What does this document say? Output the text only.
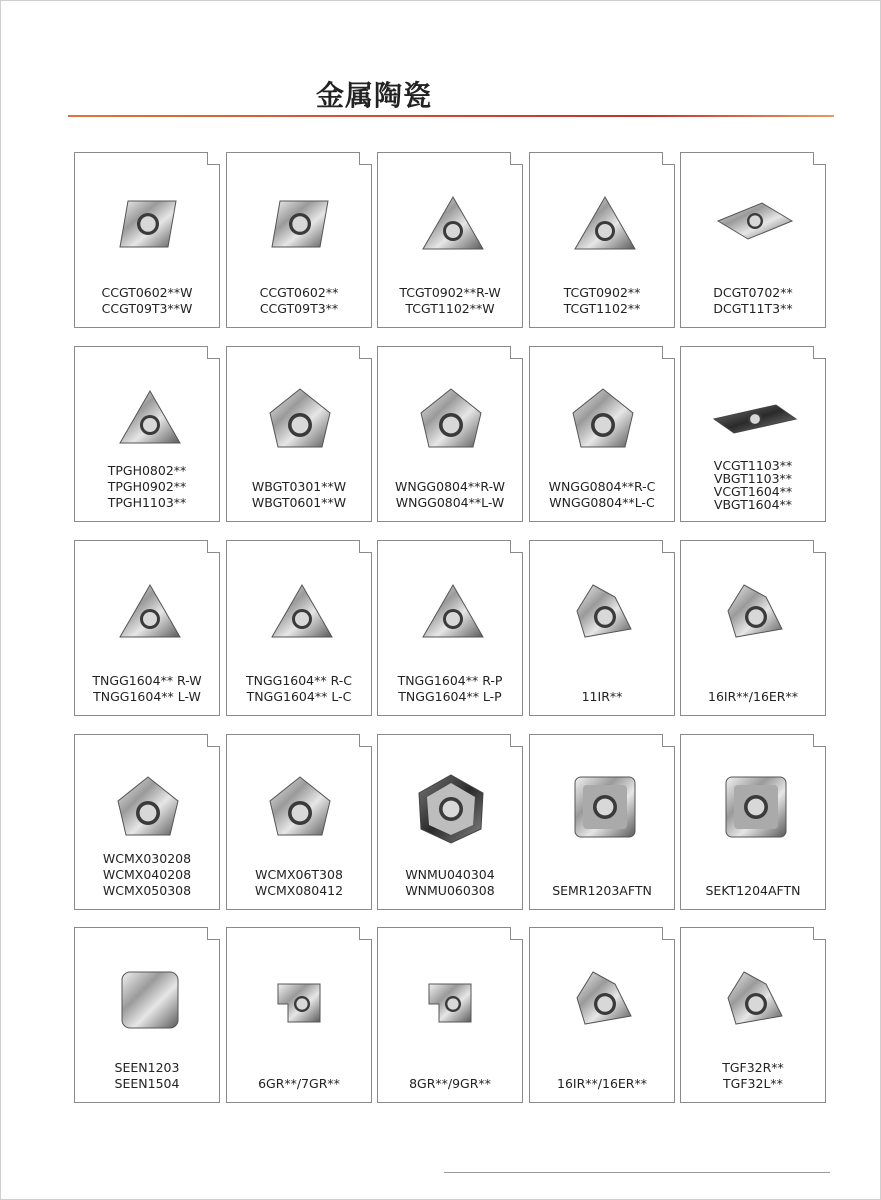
金属陶瓷
CCGT0602**W
CCGT09T3**W
CCGT0602**
CCGT09T3**
TCGT0902**R-W
TCGT1102**W
TCGT0902**
TCGT1102**
DCGT0702**
DCGT11T3**
TPGH0802**
TPGH0902**
TPGH1103**
WBGT0301**W
WBGT0601**W
WNGG0804**R-W
WNGG0804**L-W
WNGG0804**R-C
WNGG0804**L-C
VCGT1103**
VBGT1103**
VCGT1604**
VBGT1604**
TNGG1604** R-W
TNGG1604** L-W
TNGG1604** R-C
TNGG1604** L-C
TNGG1604** R-P
TNGG1604** L-P	11IR**	16IR**/16ER**
WCMX030208
WCMX040208
WCMX050308
WCMX06T308
WCMX080412
WNMU040304
WNMU060308	SEMR1203AFTN	SEKT1204AFTN
SEEN1203
SEEN1504	6GR**/7GR**	8GR**/9GR**	16IR**/16ER**
TGF32R**
TGF32L**
